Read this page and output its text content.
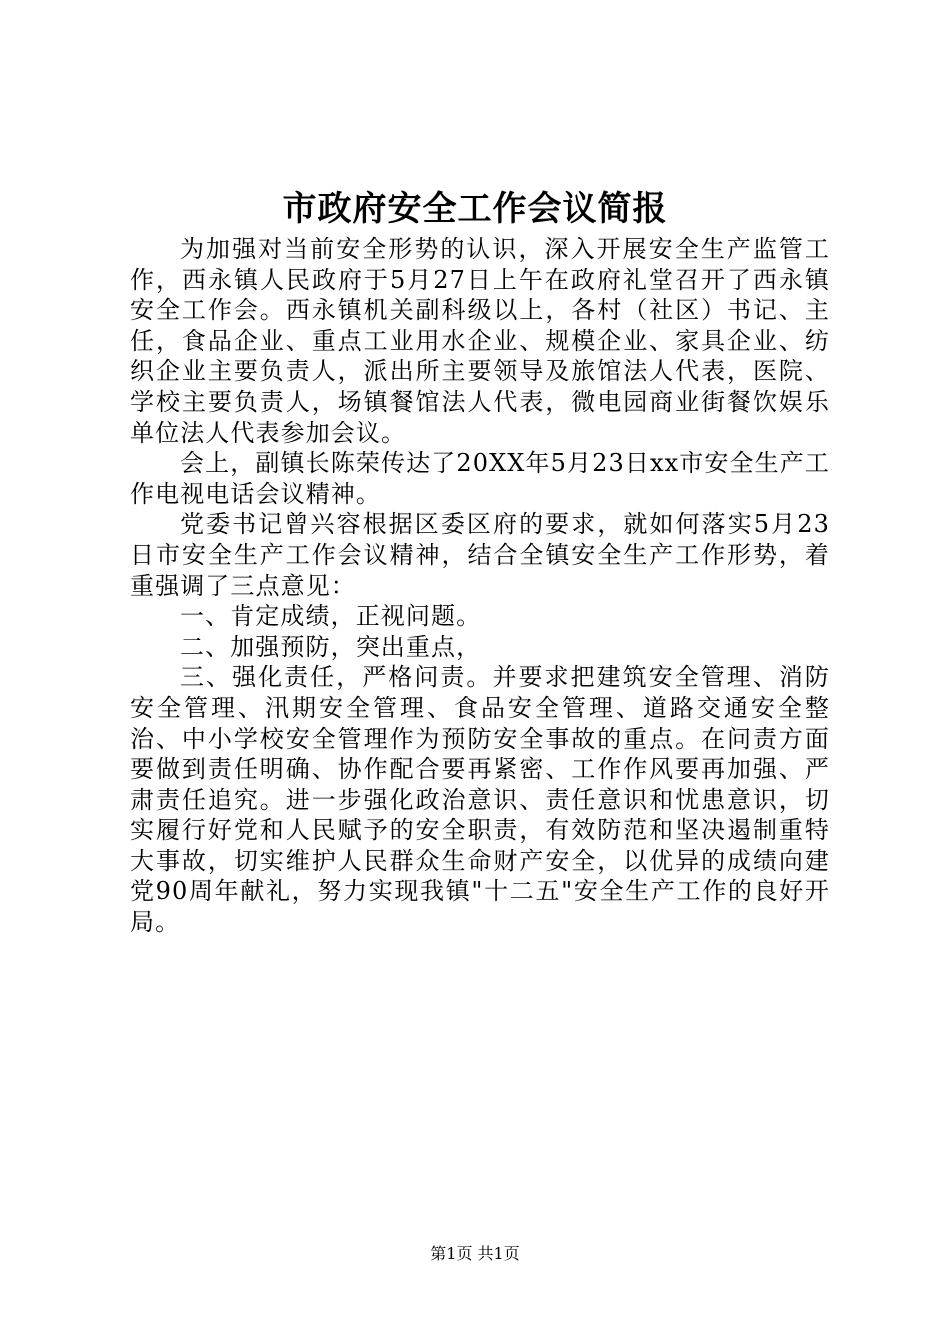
市政府安全工作会议简报

为加强对当前安全形势的认识，深入开展安全生产监管工作，西永镇人民政府于5月27日上午在政府礼堂召开了西永镇安全工作会。西永镇机关副科级以上，各村（社区）书记、主任，食品企业、重点工业用水企业、规模企业、家具企业、纺织企业主要负责人，派出所主要领导及旅馆法人代表，医院、学校主要负责人，场镇餐馆法人代表，微电园商业街餐饮娱乐单位法人代表参加会议。

会上，副镇长陈荣传达了20XX年5月23日xx市安全生产工作电视电话会议精神。

党委书记曾兴容根据区委区府的要求，就如何落实5月23日市安全生产工作会议精神，结合全镇安全生产工作形势，着重强调了三点意见：

一、肯定成绩，正视问题。

二、加强预防，突出重点，

三、强化责任，严格问责。并要求把建筑安全管理、消防安全管理、汛期安全管理、食品安全管理、道路交通安全整治、中小学校安全管理作为预防安全事故的重点。在问责方面要做到责任明确、协作配合要再紧密、工作作风要再加强、严肃责任追究。进一步强化政治意识、责任意识和忧患意识，切实履行好党和人民赋予的安全职责，有效防范和坚决遏制重特大事故，切实维护人民群众生命财产安全，以优异的成绩向建党90周年献礼，努力实现我镇"十二五"安全生产工作的良好开局。

第1页 共1页
